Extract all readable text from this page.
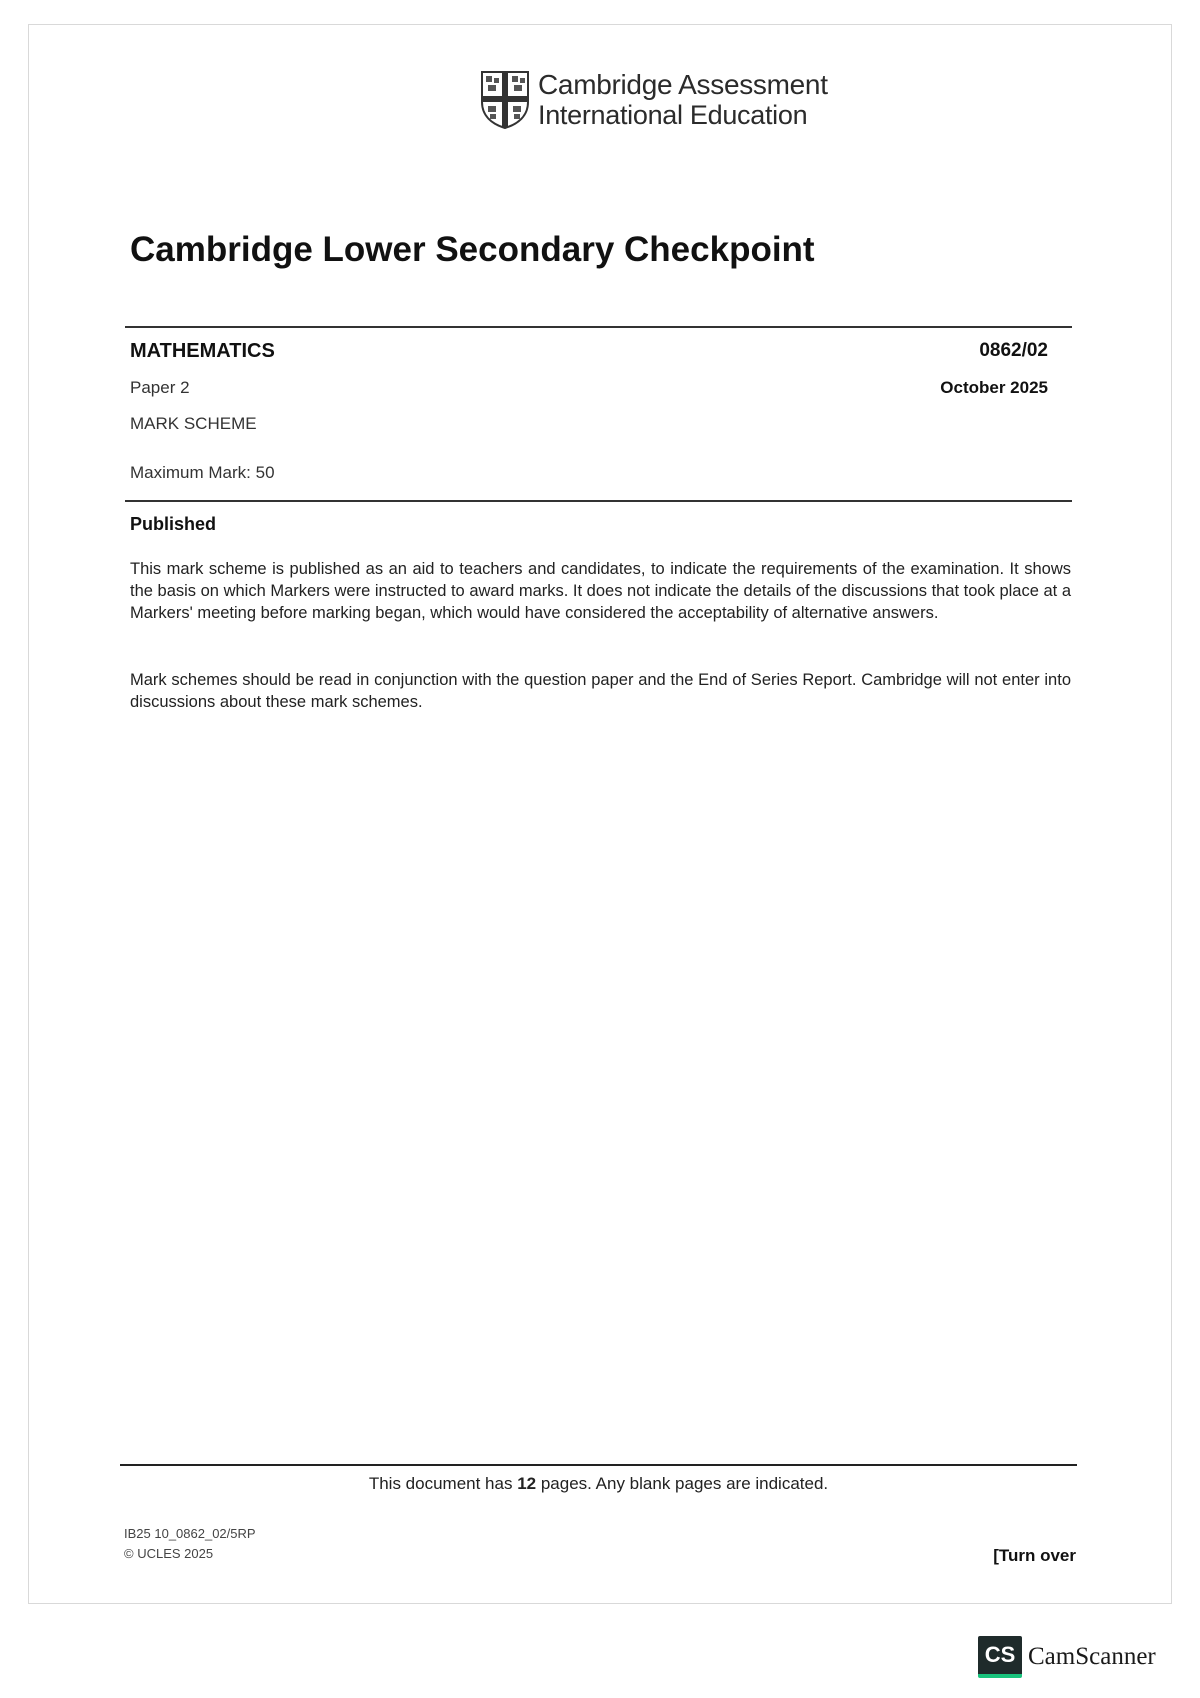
Cambridge Assessment
International Education
Cambridge Lower Secondary Checkpoint
MATHEMATICS	0862/02
Paper 2	October 2025
MARK SCHEME
Maximum Mark: 50
Published

This mark scheme is published as an aid to teachers and candidates, to indicate the requirements of the examination. It shows the basis on which Markers were instructed to award marks. It does not indicate the details of the discussions that took place at a Markers' meeting before marking began, which would have considered the acceptability of alternative answers.

Mark schemes should be read in conjunction with the question paper and the End of Series Report. Cambridge will not enter into discussions about these mark schemes.

This document has 12 pages. Any blank pages are indicated.
IB25 10_0862_02/5RP
© UCLES 2025	[Turn over
CS CamScanner
